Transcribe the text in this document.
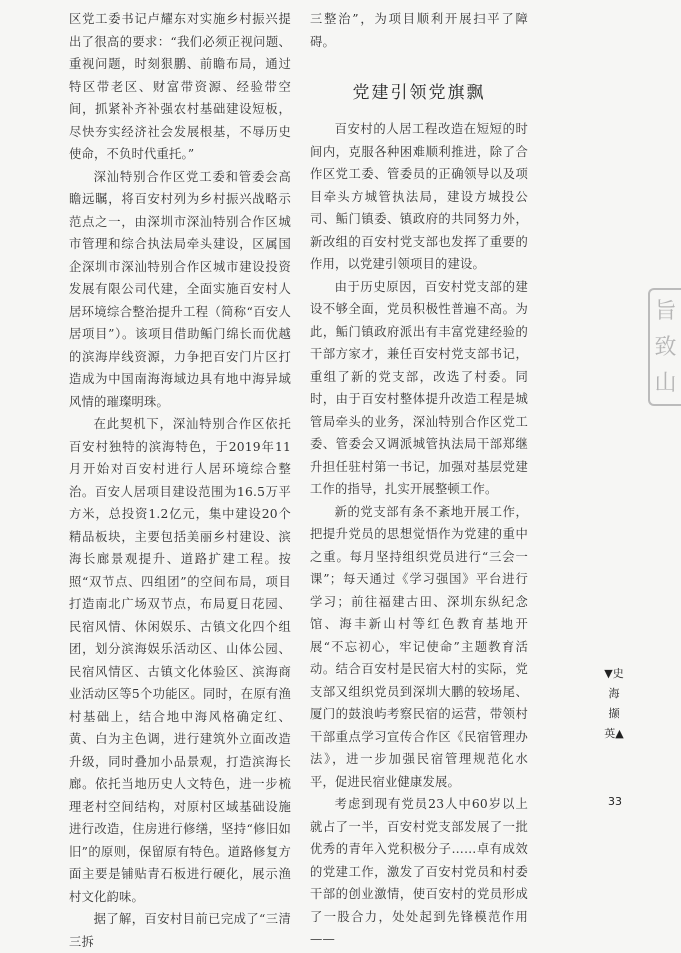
区党工委书记卢耀东对实施乡村振兴提出了很高的要求：“我们必须正视问题、重视问题，时刻狠鹏、前瞻布局，通过特区带老区、财富带资源、经验带空间，抓紧补齐补强农村基础建设短板，尽快夯实经济社会发展根基，不辱历史使命，不负时代重托。”

深汕特别合作区党工委和管委会高瞻远瞩，将百安村列为乡村振兴战略示范点之一，由深圳市深汕特别合作区城市管理和综合执法局牵头建设，区属国企深圳市深汕特别合作区城市建设投资发展有限公司代建，全面实施百安村人居环境综合整治提升工程（简称“百安人居项目”）。该项目借助鲘门绵长而优越的滨海岸线资源，力争把百安门片区打造成为中国南海海域边具有地中海异域风情的璀璨明珠。

在此契机下，深汕特别合作区依托百安村独特的滨海特色，于2019年11月开始对百安村进行人居环境综合整治。百安人居项目建设范围为16.5万平方米，总投资1.2亿元，集中建设20个精品板块，主要包括美丽乡村建设、滨海长廊景观提升、道路扩建工程。按照“双节点、四组团”的空间布局，项目打造南北广场双节点，布局夏日花园、民宿风情、休闲娱乐、古镇文化四个组团，划分滨海娱乐活动区、山体公园、民宿风情区、古镇文化体验区、滨海商业活动区等5个功能区。同时，在原有渔村基础上，结合地中海风格确定红、黄、白为主色调，进行建筑外立面改造升级，同时叠加小品景观，打造滨海长廊。依托当地历史人文特色，进一步梳理老村空间结构，对原村区域基础设施进行改造，住房进行修缮，坚持“修旧如旧”的原则，保留原有特色。道路修复方面主要是铺贴青石板进行硬化，展示渔村文化韵味。

据了解，百安村目前已完成了“三清三拆

三整治”，为项目顺利开展扫平了障碍。

党建引领党旗飘

百安村的人居工程改造在短短的时间内，克服各种困难顺利推进，除了合作区党工委、管委员的正确领导以及项目牵头方城管执法局，建设方城投公司、鲘门镇委、镇政府的共同努力外，新改组的百安村党支部也发挥了重要的作用，以党建引领项目的建设。

由于历史原因，百安村党支部的建设不够全面，党员积极性普遍不高。为此，鲘门镇政府派出有丰富党建经验的干部方家才，兼任百安村党支部书记，重组了新的党支部，改选了村委。同时，由于百安村整体提升改造工程是城管局牵头的业务，深汕特别合作区党工委、管委会又调派城管执法局干部郑继升担任驻村第一书记，加强对基层党建工作的指导，扎实开展整顿工作。

新的党支部有条不紊地开展工作，把提升党员的思想觉悟作为党建的重中之重。每月坚持组织党员进行“三会一课”；每天通过《学习强国》平台进行学习；前往福建古田、深圳东纵纪念馆、海丰新山村等红色教育基地开展“不忘初心，牢记使命”主题教育活动。结合百安村是民宿大村的实际，党支部又组织党员到深圳大鹏的较场尾、厦门的鼓浪屿考察民宿的运营，带领村干部重点学习宣传合作区《民宿管理办法》，进一步加强民宿管理规范化水平，促进民宿业健康发展。

考虑到现有党员23人中60岁以上就占了一半，百安村党支部发展了一批优秀的青年入党积极分子……卓有成效的党建工作，激发了百安村党员和村委干部的创业激情，使百安村的党员形成了一股合力，处处起到先锋模范作用——

旨致山
▼史海撷英▲
33
